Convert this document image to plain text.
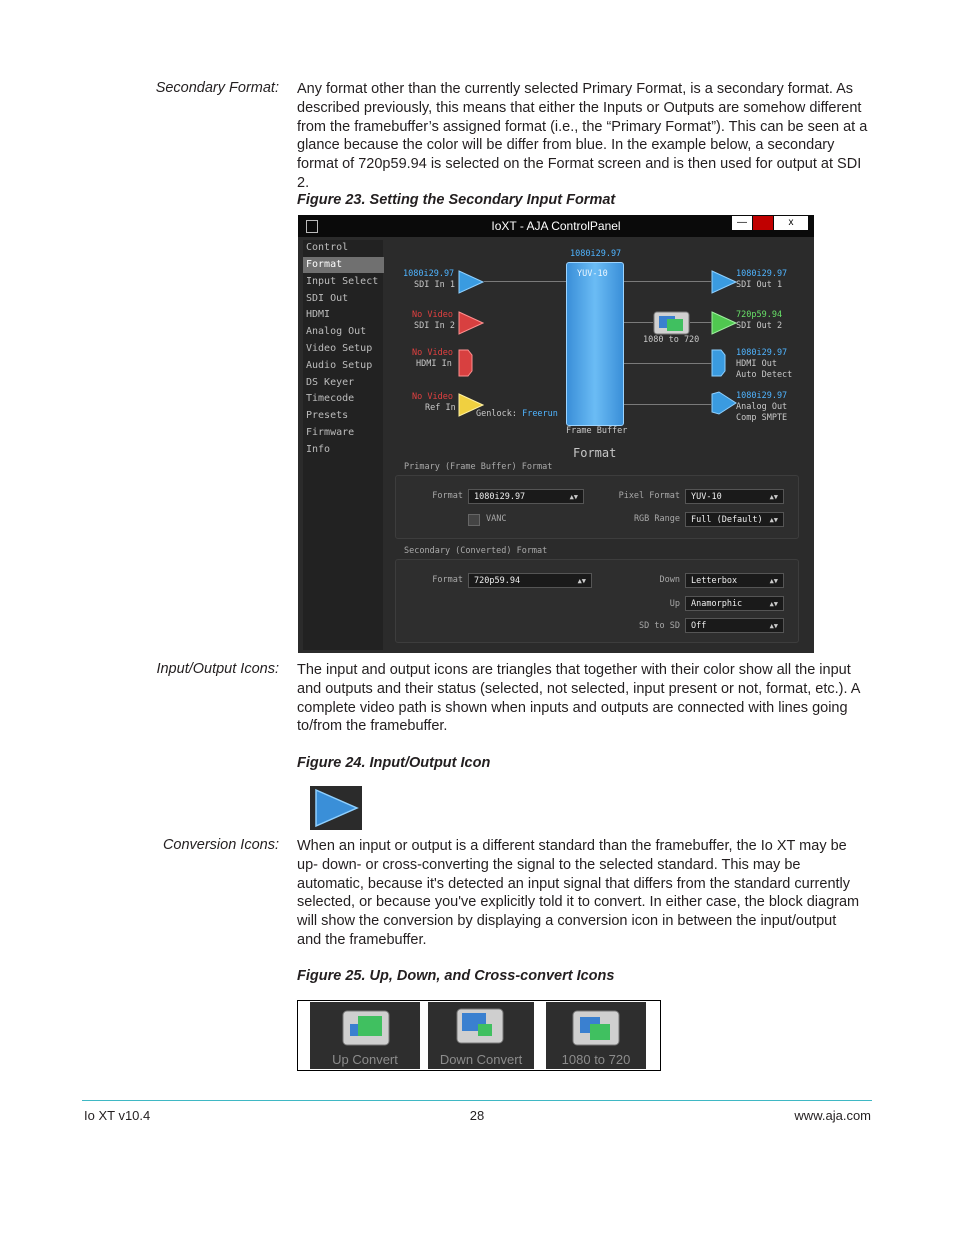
Secondary Format: Any format other than the currently selected Primary Format, is a secondary format. As
described previously, this means that either the Inputs or Outputs are somehow different
from the framebuffer’s assigned format (i.e., the “Primary Format”). This can be seen at a
glance because the color will be differ from blue. In the example below, a secondary
format of 720p59.94 is selected on the Format screen and is then used for output at SDI 2.
Figure 23. Setting the Secondary Input Format
IoXT - AJA ControlPanel	—	x
Control
Format
Input Select
SDI Out
HDMI
Analog Out
Video Setup
Audio Setup
DS Keyer
Timecode
Presets
Firmware
Info
1080i29.97
YUV-10
Frame Buffer
1080i29.97
SDI In 1
No Video
SDI In 2
No Video
HDMI In
No Video
Ref In
Genlock: Freerun
1080 to 720
1080i29.97
SDI Out 1
720p59.94
SDI Out 2
1080i29.97
HDMI Out
Auto Detect
1080i29.97
Analog Out
Comp SMPTE
Format
Primary (Frame Buffer) Format
Format	1080i29.97	▲▼	Pixel Format	YUV-10	▲▼
VANC	RGB Range	Full (Default) ▲▼
Secondary (Converted) Format
Format	720p59.94	▲▼	Down	Letterbox	▲▼
Up	Anamorphic	▲▼
SD to SD	Off	▲▼
Input/Output Icons: The input and output icons are triangles that together with their color show all the input
and outputs and their status (selected, not selected, input present or not, format, etc.). A
complete video path is shown when inputs and outputs are connected with lines going
to/from the framebuffer.
Figure 24. Input/Output Icon
Conversion Icons: When an input or output is a different standard than the framebuffer, the Io XT may be
up- down- or cross-converting the signal to the selected standard. This may be
automatic, because it's detected an input signal that differs from the standard currently
selected, or because you've explicitly told it to convert. In either case, the block diagram
will show the conversion by displaying a conversion icon in between the input/output
and the framebuffer.
Figure 25. Up, Down, and Cross-convert Icons
Up Convert	Down Convert	1080 to 720
Io XT v10.4	28	www.aja.com
